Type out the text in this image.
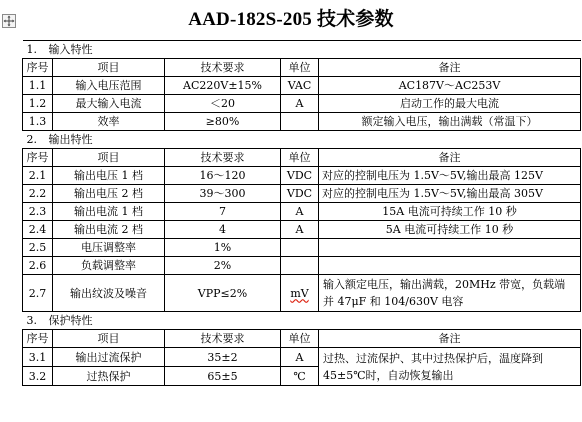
AAD-182S-205 技术参数
1. 输入特性				
序号	项目	技术要求	单位	备注
1.1	输入电压范围	AC220V±15%	VAC	AC187V～AC253V
1.2	最大输入电流	＜20	A	启动工作的最大电流
1.3	效率	≥80%		额定输入电压，输出满载（常温下）
2. 输出特性				
序号	项目	技术要求	单位	备注
2.1	输出电压 1 档	16～120	VDC	对应的控制电压为 1.5V～5V,输出最高 125V
2.2	输出电压 2 档	39～300	VDC	对应的控制电压为 1.5V～5V,输出最高 305V
2.3	输出电流 1 档	7	A	15A 电流可持续工作 10 秒
2.4	输出电流 2 档	4	A	5A 电流可持续工作 10 秒
2.5	电压调整率	1%		
2.6	负载调整率	2%		
2.7	输出纹波及噪音	VPP≤2%	mV	输入额定电压，输出满载，20MHz 带宽，负载端并 47μF 和 104/630V 电容
3. 保护特性				
序号	项目	技术要求	单位	备注
3.1	输出过流保护	35±2	A	过热、过流保护、其中过热保护后，温度降到 45±5℃时，自动恢复输出
3.2	过热保护	65±5	℃	
